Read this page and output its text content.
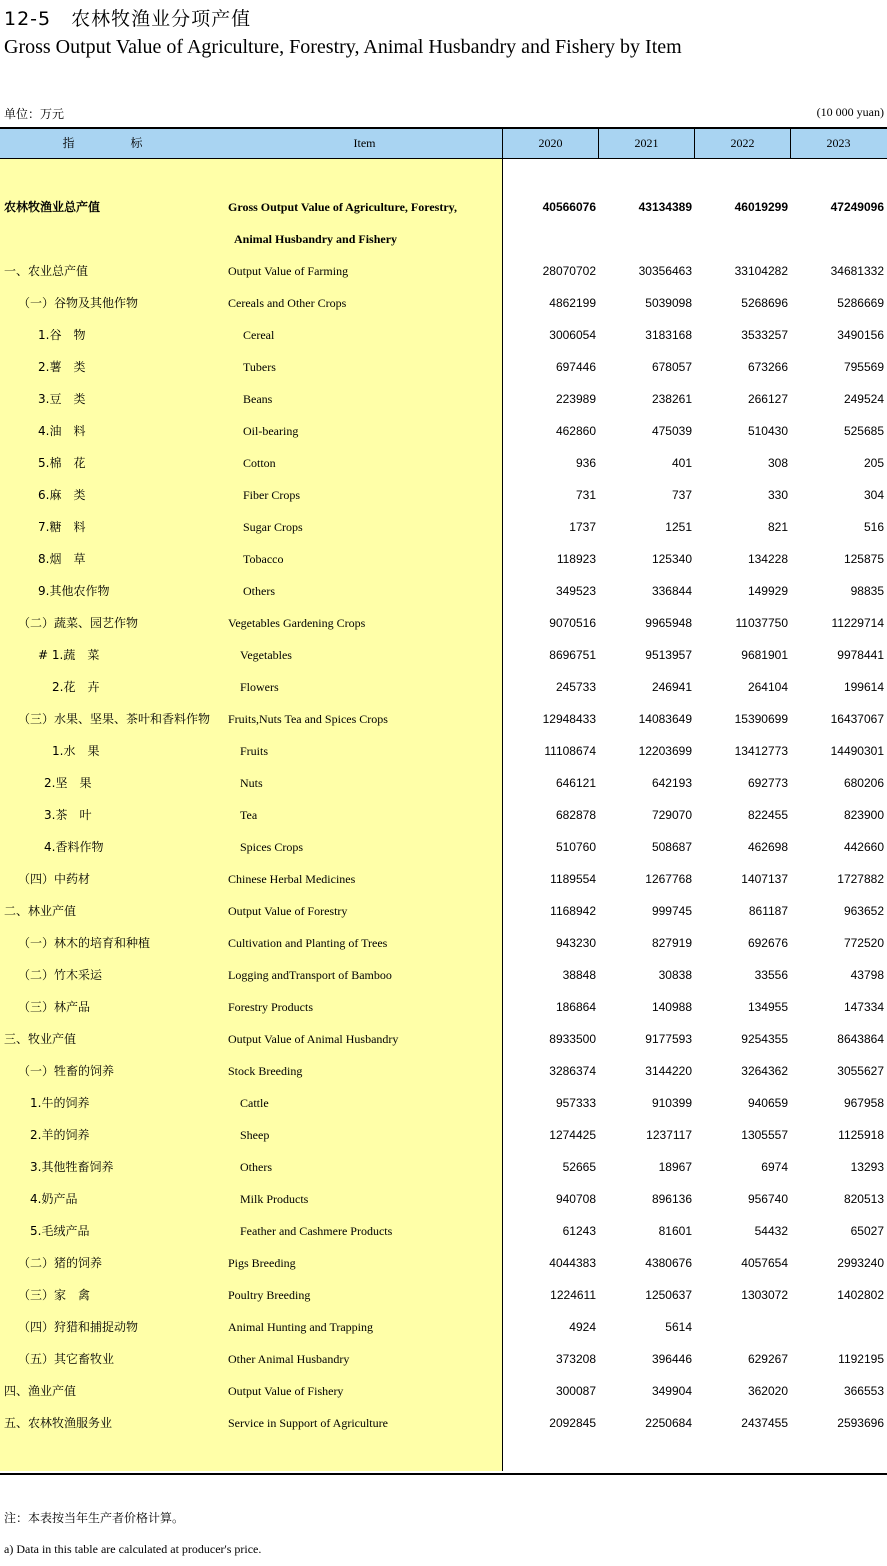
12-5　农林牧渔业分项产值
Gross Output Value of Agriculture, Forestry, Animal Husbandry and Fishery by Item
单位：万元	(10 000 yuan)
指　标	Item	2020	2021	2022	2023
农林牧渔业总产值	Gross Output Value of Agriculture, Forestry,	40566076	43134389	46019299	47249096
Animal Husbandry and Fishery
一、农业总产值	Output Value of Farming	28070702	30356463	33104282	34681332
（一）谷物及其他作物	Cereals and Other Crops	4862199	5039098	5268696	5286669
1.谷　物	Cereal	3006054	3183168	3533257	3490156
2.薯　类	Tubers	697446	678057	673266	795569
3.豆　类	Beans	223989	238261	266127	249524
4.油　料	Oil-bearing	462860	475039	510430	525685
5.棉　花	Cotton	936	401	308	205
6.麻　类	Fiber Crops	731	737	330	304
7.糖　料	Sugar Crops	1737	1251	821	516
8.烟　草	Tobacco	118923	125340	134228	125875
9.其他农作物	Others	349523	336844	149929	98835
（二）蔬菜、园艺作物	Vegetables Gardening Crops	9070516	9965948	11037750	11229714
# 1.蔬　菜	Vegetables	8696751	9513957	9681901	9978441
2.花　卉	Flowers	245733	246941	264104	199614
（三）水果、坚果、茶叶和香料作物 Fruits,Nuts Tea and Spices Crops	12948433	14083649	15390699	16437067
1.水　果	Fruits	11108674	12203699	13412773	14490301
2.坚　果	Nuts	646121	642193	692773	680206
3.茶　叶	Tea	682878	729070	822455	823900
4.香料作物	Spices Crops	510760	508687	462698	442660
（四）中药材	Chinese Herbal Medicines	1189554	1267768	1407137	1727882
二、林业产值	Output Value of Forestry	1168942	999745	861187	963652
（一）林木的培育和种植	Cultivation and Planting of Trees	943230	827919	692676	772520
（二）竹木采运	Logging andTransport of Bamboo	38848	30838	33556	43798
（三）林产品	Forestry Products	186864	140988	134955	147334
三、牧业产值	Output Value of Animal Husbandry	8933500	9177593	9254355	8643864
（一）牲畜的饲养	Stock Breeding	3286374	3144220	3264362	3055627
1.牛的饲养	Cattle	957333	910399	940659	967958
2.羊的饲养	Sheep	1274425	1237117	1305557	1125918
3.其他牲畜饲养	Others	52665	18967	6974	13293
4.奶产品	Milk Products	940708	896136	956740	820513
5.毛绒产品	Feather and Cashmere Products	61243	81601	54432	65027
（二）猪的饲养	Pigs Breeding	4044383	4380676	4057654	2993240
（三）家　禽	Poultry Breeding	1224611	1250637	1303072	1402802
（四）狩猎和捕捉动物	Animal Hunting and Trapping	4924	5614
（五）其它畜牧业	Other Animal Husbandry	373208	396446	629267	1192195
四、渔业产值	Output Value of Fishery	300087	349904	362020	366553
五、农林牧渔服务业	Service in Support of Agriculture	2092845	2250684	2437455	2593696
注：本表按当年生产者价格计算。
a) Data in this table are calculated at producer's price.
